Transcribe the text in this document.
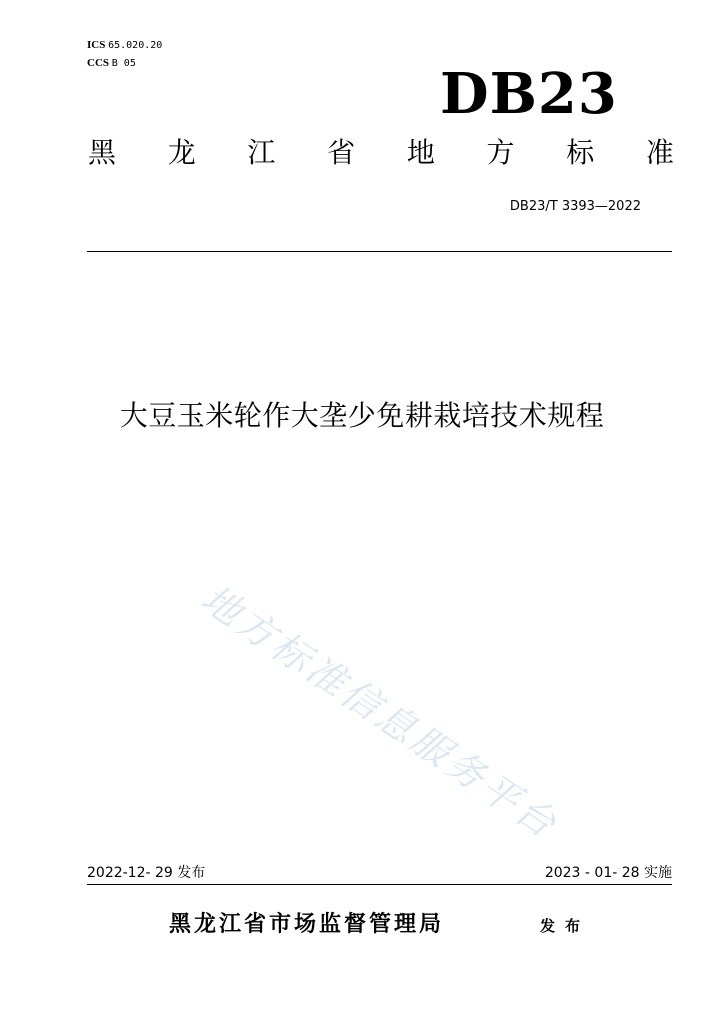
ICS 65.020.20
CCS B 05	DB23
黑 龙 江 省 地 方 标 准
DB23/T 3393—2022
大豆玉米轮作大垄少免耕栽培技术规程
地方标准信息服务平台
2022-12- 29 发布	2023 - 01- 28 实施
黑龙江省市场监督管理局	发布
